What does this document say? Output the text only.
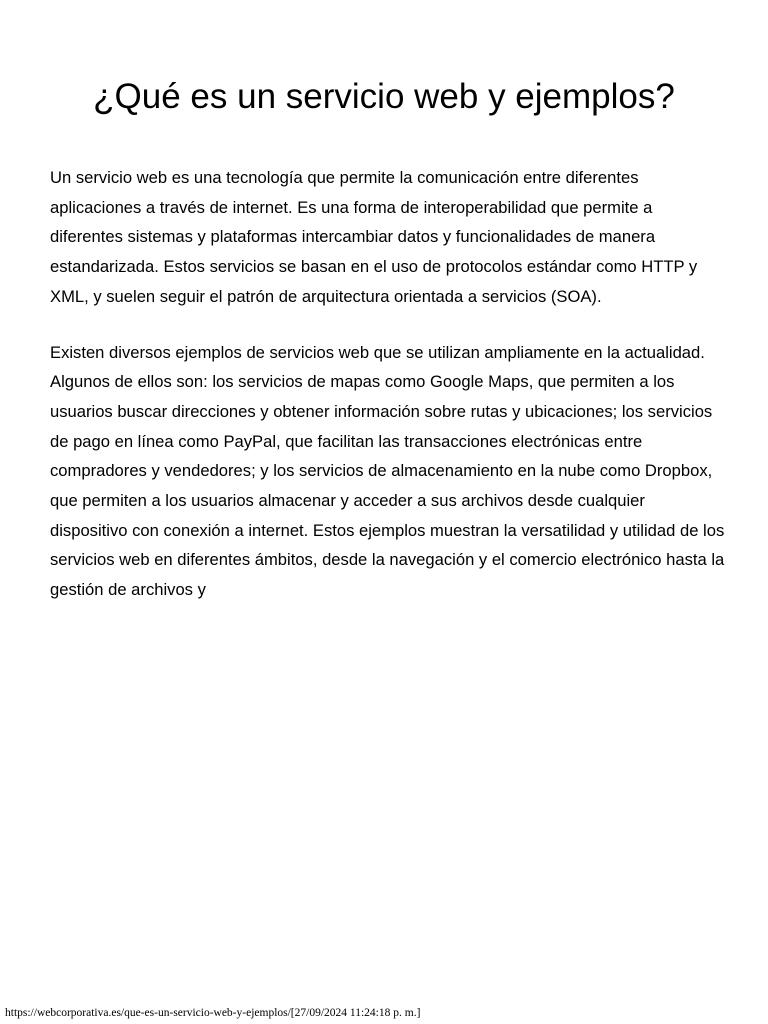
¿Qué es un servicio web y ejemplos?

Un servicio web es una tecnología que permite la comunicación entre diferentes aplicaciones a través de internet. Es una forma de interoperabilidad que permite a diferentes sistemas y plataformas intercambiar datos y funcionalidades de manera estandarizada. Estos servicios se basan en el uso de protocolos estándar como HTTP y XML, y suelen seguir el patrón de arquitectura orientada a servicios (SOA).

Existen diversos ejemplos de servicios web que se utilizan ampliamente en la actualidad. Algunos de ellos son: los servicios de mapas como Google Maps, que permiten a los usuarios buscar direcciones y obtener información sobre rutas y ubicaciones; los servicios de pago en línea como PayPal, que facilitan las transacciones electrónicas entre compradores y vendedores; y los servicios de almacenamiento en la nube como Dropbox, que permiten a los usuarios almacenar y acceder a sus archivos desde cualquier dispositivo con conexión a internet. Estos ejemplos muestran la versatilidad y utilidad de los servicios web en diferentes ámbitos, desde la navegación y el comercio electrónico hasta la gestión de archivos y

https://webcorporativa.es/que-es-un-servicio-web-y-ejemplos/[27/09/2024 11:24:18 p. m.]
